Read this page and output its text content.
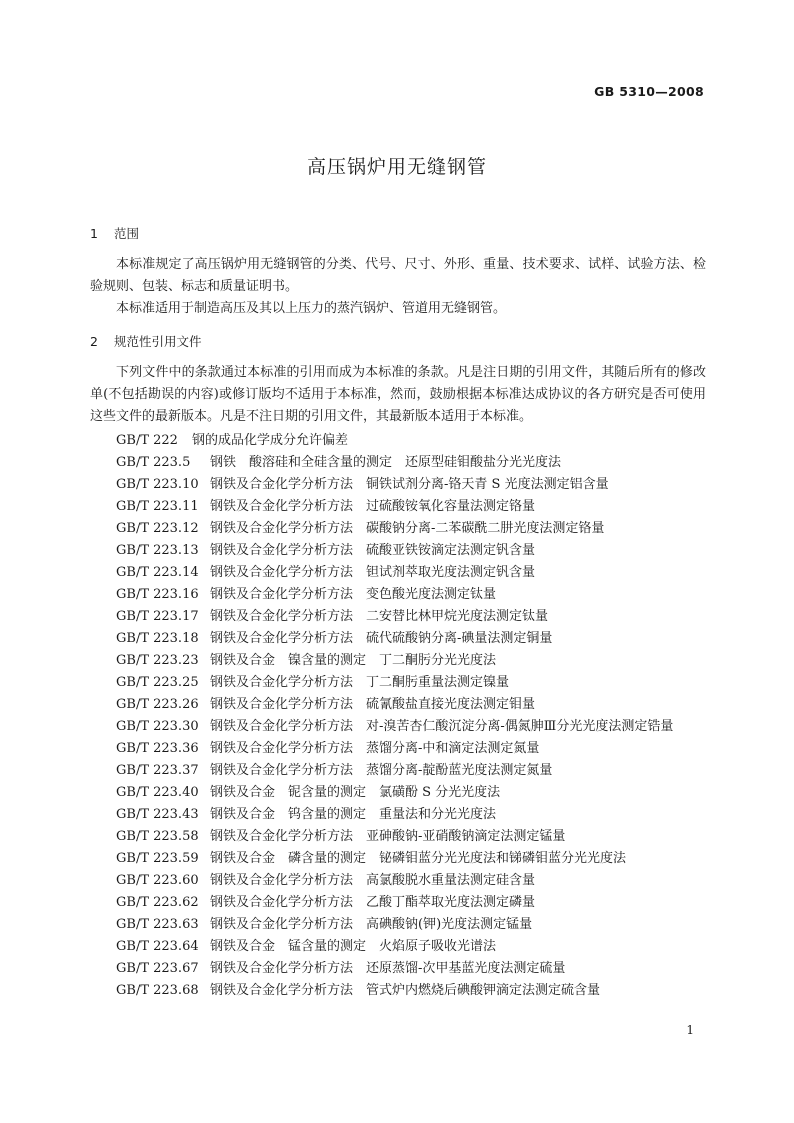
GB 5310—2008
高压锅炉用无缝钢管
1 范围

本标准规定了高压锅炉用无缝钢管的分类、代号、尺寸、外形、重量、技术要求、试样、试验方法、检验规则、包装、标志和质量证明书。

本标准适用于制造高压及其以上压力的蒸汽锅炉、管道用无缝钢管。

2 规范性引用文件

下列文件中的条款通过本标准的引用而成为本标准的条款。凡是注日期的引用文件，其随后所有的修改单(不包括勘误的内容)或修订版均不适用于本标准，然而，鼓励根据本标准达成协议的各方研究是否可使用这些文件的最新版本。凡是不注日期的引用文件，其最新版本适用于本标准。

GB/T 222 钢的成品化学成分允许偏差
GB/T 223.5 钢铁　酸溶硅和全硅含量的测定　还原型硅钼酸盐分光光度法
GB/T 223.10 钢铁及合金化学分析方法　铜铁试剂分离-铬天青 S 光度法测定铝含量
GB/T 223.11 钢铁及合金化学分析方法　过硫酸铵氧化容量法测定铬量
GB/T 223.12 钢铁及合金化学分析方法　碳酸钠分离-二苯碳酰二肼光度法测定铬量
GB/T 223.13 钢铁及合金化学分析方法　硫酸亚铁铵滴定法测定钒含量
GB/T 223.14 钢铁及合金化学分析方法　钽试剂萃取光度法测定钒含量
GB/T 223.16 钢铁及合金化学分析方法　变色酸光度法测定钛量
GB/T 223.17 钢铁及合金化学分析方法　二安替比林甲烷光度法测定钛量
GB/T 223.18 钢铁及合金化学分析方法　硫代硫酸钠分离-碘量法测定铜量
GB/T 223.23 钢铁及合金　镍含量的测定　丁二酮肟分光光度法
GB/T 223.25 钢铁及合金化学分析方法　丁二酮肟重量法测定镍量
GB/T 223.26 钢铁及合金化学分析方法　硫氰酸盐直接光度法测定钼量
GB/T 223.30 钢铁及合金化学分析方法　对-溴苦杏仁酸沉淀分离-偶氮胂Ⅲ分光光度法测定锆量
GB/T 223.36 钢铁及合金化学分析方法　蒸馏分离-中和滴定法测定氮量
GB/T 223.37 钢铁及合金化学分析方法　蒸馏分离-靛酚蓝光度法测定氮量
GB/T 223.40 钢铁及合金　铌含量的测定　氯磺酚 S 分光光度法
GB/T 223.43 钢铁及合金　钨含量的测定　重量法和分光光度法
GB/T 223.58 钢铁及合金化学分析方法　亚砷酸钠-亚硝酸钠滴定法测定锰量
GB/T 223.59 钢铁及合金　磷含量的测定　铋磷钼蓝分光光度法和锑磷钼蓝分光光度法
GB/T 223.60 钢铁及合金化学分析方法　高氯酸脱水重量法测定硅含量
GB/T 223.62 钢铁及合金化学分析方法　乙酸丁酯萃取光度法测定磷量
GB/T 223.63 钢铁及合金化学分析方法　高碘酸钠(钾)光度法测定锰量
GB/T 223.64 钢铁及合金　锰含量的测定　火焰原子吸收光谱法
GB/T 223.67 钢铁及合金化学分析方法　还原蒸馏-次甲基蓝光度法测定硫量
GB/T 223.68 钢铁及合金化学分析方法　管式炉内燃烧后碘酸钾滴定法测定硫含量
1
